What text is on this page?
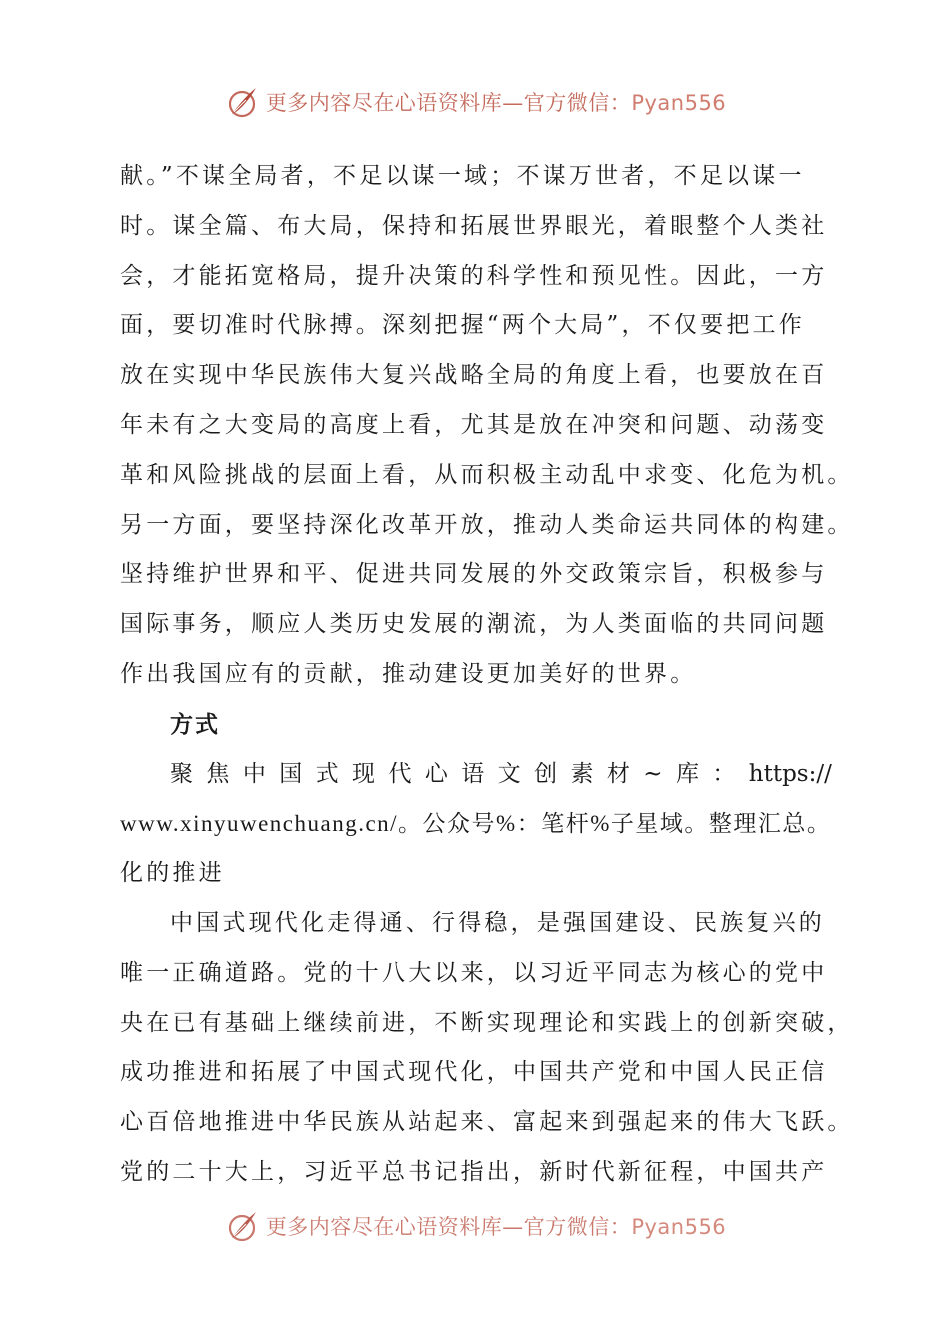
更多内容尽在心语资料库—官方微信：Pyan556
献。”不谋全局者，不足以谋一域；不谋万世者，不足以谋一
时。谋全篇、布大局，保持和拓展世界眼光，着眼整个人类社
会，才能拓宽格局，提升决策的科学性和预见性。因此，一方
面，要切准时代脉搏。深刻把握“两个大局”，不仅要把工作
放在实现中华民族伟大复兴战略全局的角度上看，也要放在百
年未有之大变局的高度上看，尤其是放在冲突和问题、动荡变
革和风险挑战的层面上看，从而积极主动乱中求变、化危为机。
另一方面，要坚持深化改革开放，推动人类命运共同体的构建。
坚持维护世界和平、促进共同发展的外交政策宗旨，积极参与
国际事务，顺应人类历史发展的潮流，为人类面临的共同问题
作出我国应有的贡献，推动建设更加美好的世界。
方式
聚 焦 中 国 式 现 代 心 语 文 创 素 材 ~ 库 ： https://
www.xinyuwenchuang.cn/。公众号%：笔杆%子星域。整理汇总。
化的推进
中国式现代化走得通、行得稳，是强国建设、民族复兴的
唯一正确道路。党的十八大以来，以习近平同志为核心的党中
央在已有基础上继续前进，不断实现理论和实践上的创新突破，
成功推进和拓展了中国式现代化，中国共产党和中国人民正信
心百倍地推进中华民族从站起来、富起来到强起来的伟大飞跃。
党的二十大上，习近平总书记指出，新时代新征程，中国共产
更多内容尽在心语资料库—官方微信：Pyan556
